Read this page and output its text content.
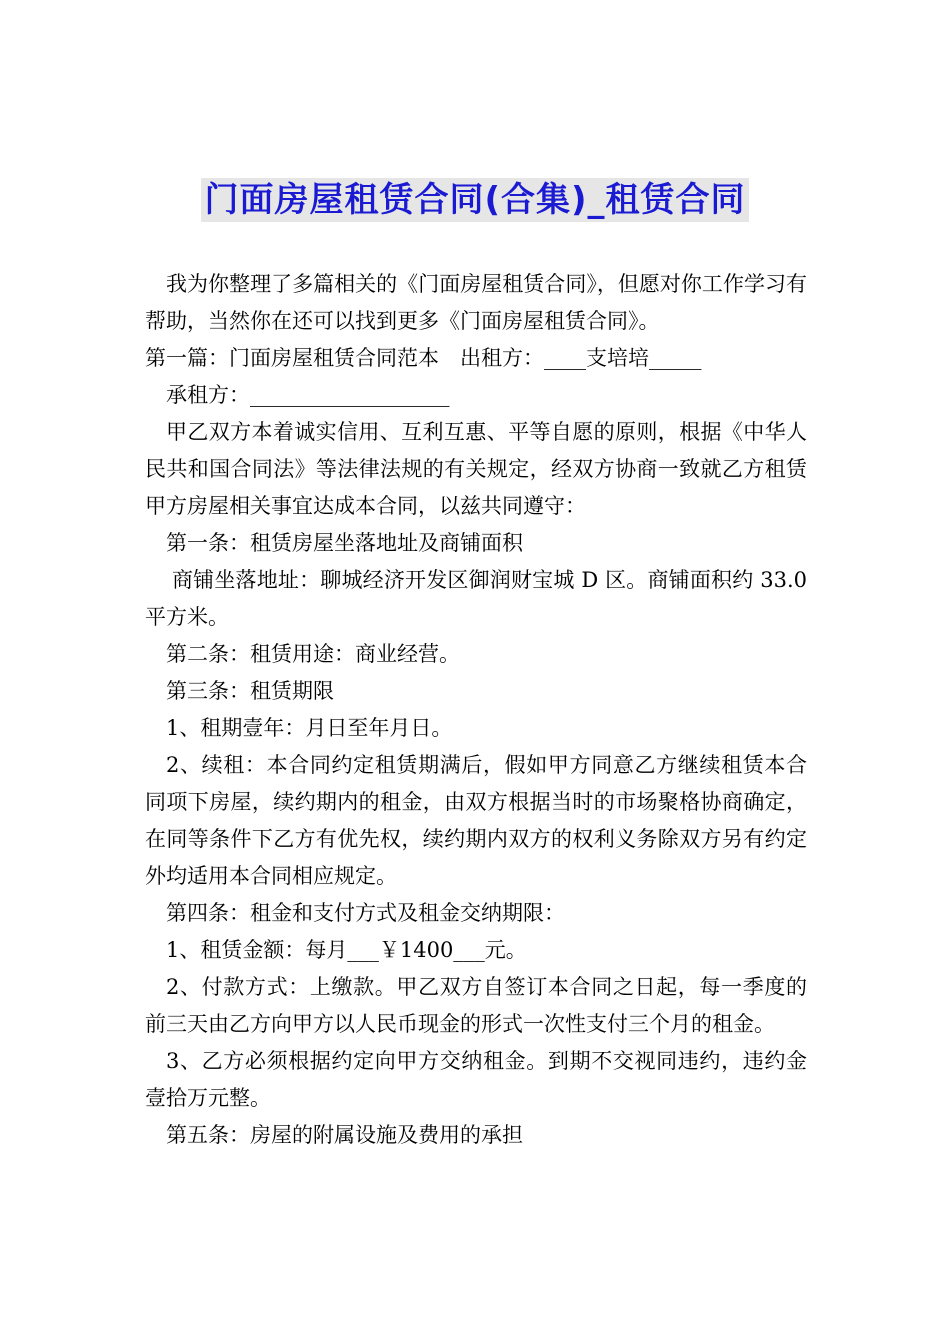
门面房屋租赁合同(合集)_租赁合同

我为你整理了多篇相关的《门面房屋租赁合同》，但愿对你工作学习有帮助，当然你在还可以找到更多《门面房屋租赁合同》。

第一篇：门面房屋租赁合同范本　出租方：____支培培_____

承租方：___________________

甲乙双方本着诚实信用、互利互惠、平等自愿的原则，根据《中华人民共和国合同法》等法律法规的有关规定，经双方协商一致就乙方租赁甲方房屋相关事宜达成本合同，以兹共同遵守：

第一条：租赁房屋坐落地址及商铺面积

商铺坐落地址：聊城经济开发区御润财宝城 D 区。商铺面积约 33.0 平方米。

第二条：租赁用途：商业经营。

第三条：租赁期限

1、租期壹年：月日至年月日。

2、续租：本合同约定租赁期满后，假如甲方同意乙方继续租赁本合同项下房屋，续约期内的租金，由双方根据当时的市场聚格协商确定，在同等条件下乙方有优先权，续约期内双方的权利义务除双方另有约定外均适用本合同相应规定。

第四条：租金和支付方式及租金交纳期限：

1、租赁金额：每月___￥1400___元。

2、付款方式：上缴款。甲乙双方自签订本合同之日起，每一季度的前三天由乙方向甲方以人民币现金的形式一次性支付三个月的租金。

3、乙方必须根据约定向甲方交纳租金。到期不交视同违约，违约金壹拾万元整。

第五条：房屋的附属设施及费用的承担
